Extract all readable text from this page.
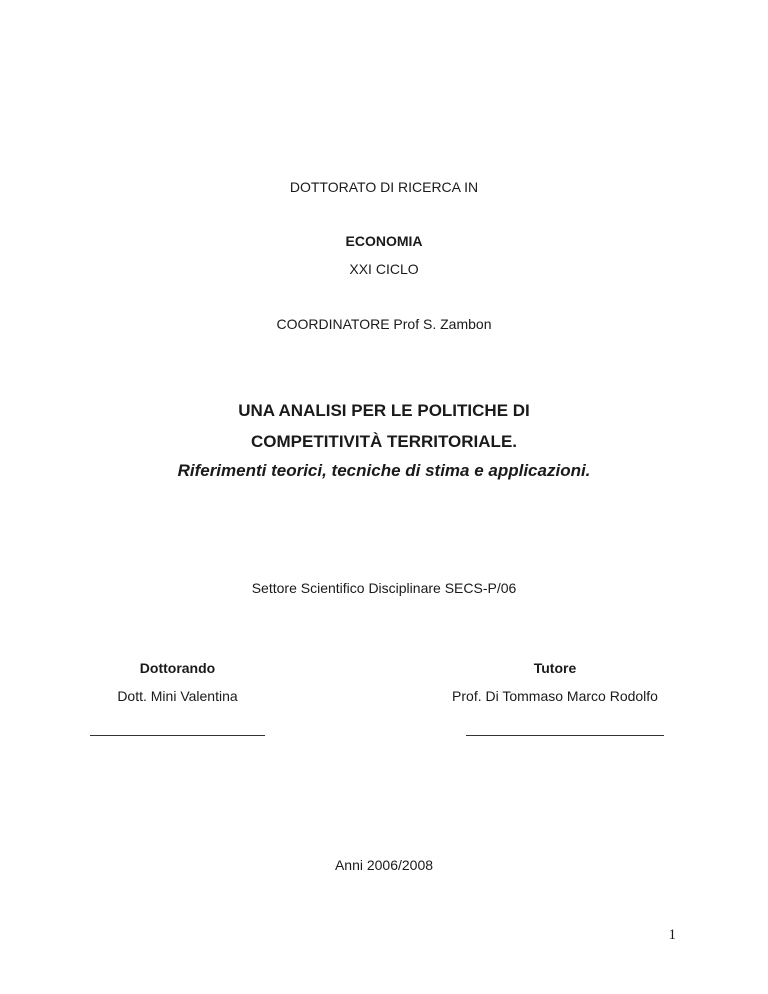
DOTTORATO DI RICERCA IN
ECONOMIA
XXI CICLO
COORDINATORE Prof S. Zambon
UNA ANALISI PER LE POLITICHE DI
COMPETITIVITÀ TERRITORIALE.
Riferimenti teorici, tecniche di stima e applicazioni.
Settore Scientifico Disciplinare SECS-P/06
Dottorando
Dott. Mini Valentina
Tutore
Prof. Di Tommaso Marco Rodolfo
Anni 2006/2008
1
